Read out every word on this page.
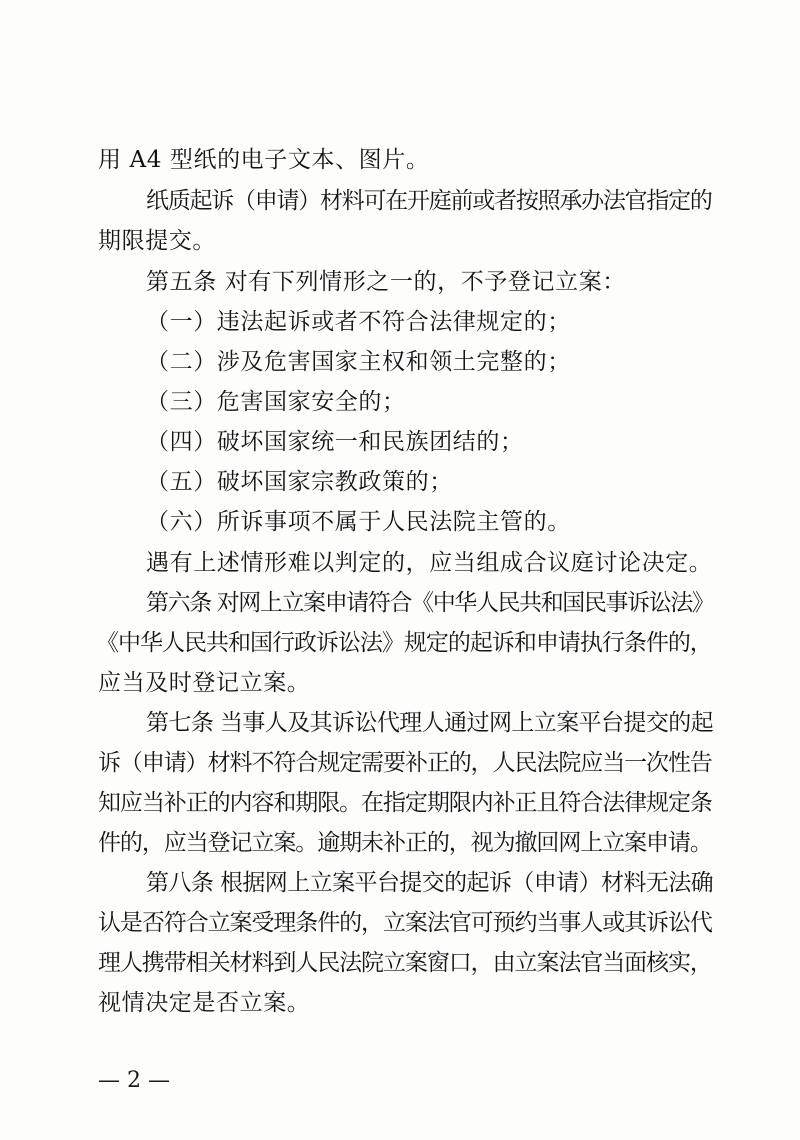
用 A4 型纸的电子文本、图片。
纸质起诉（申请）材料可在开庭前或者按照承办法官指定的
期限提交。
第五条 对有下列情形之一的，不予登记立案：
（一）违法起诉或者不符合法律规定的；
（二）涉及危害国家主权和领土完整的；
（三）危害国家安全的；
（四）破坏国家统一和民族团结的；
（五）破坏国家宗教政策的；
（六）所诉事项不属于人民法院主管的。
遇有上述情形难以判定的，应当组成合议庭讨论决定。
第六条 对网上立案申请符合《中华人民共和国民事诉讼法》
《中华人民共和国行政诉讼法》规定的起诉和申请执行条件的，
应当及时登记立案。
第七条 当事人及其诉讼代理人通过网上立案平台提交的起
诉（申请）材料不符合规定需要补正的，人民法院应当一次性告
知应当补正的内容和期限。在指定期限内补正且符合法律规定条
件的，应当登记立案。逾期未补正的，视为撤回网上立案申请。
第八条 根据网上立案平台提交的起诉（申请）材料无法确
认是否符合立案受理条件的，立案法官可预约当事人或其诉讼代
理人携带相关材料到人民法院立案窗口，由立案法官当面核实，
视情决定是否立案。
— 2 —
